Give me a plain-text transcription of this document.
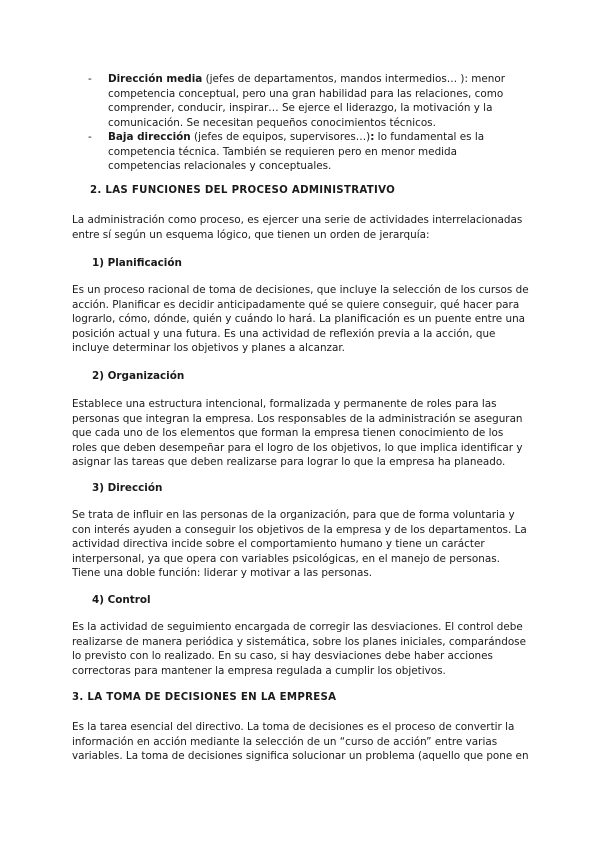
- Dirección media (jefes de departamentos, mandos intermedios… ): menor competencia conceptual, pero una gran habilidad para las relaciones, como comprender, conducir, inspirar… Se ejerce el liderazgo, la motivación y la comunicación. Se necesitan pequeños conocimientos técnicos.
- Baja dirección (jefes de equipos, supervisores…): lo fundamental es la competencia técnica. También se requieren pero en menor medida competencias relacionales y conceptuales.
2. LAS FUNCIONES DEL PROCESO ADMINISTRATIVO

La administración como proceso, es ejercer una serie de actividades interrelacionadas entre sí según un esquema lógico, que tienen un orden de jerarquía:

1) Planificación

Es un proceso racional de toma de decisiones, que incluye la selección de los cursos de acción. Planificar es decidir anticipadamente qué se quiere conseguir, qué hacer para lograrlo, cómo, dónde, quién y cuándo lo hará. La planificación es un puente entre una posición actual y una futura. Es una actividad de reflexión previa a la acción, que incluye determinar los objetivos y planes a alcanzar.

2) Organización

Establece una estructura intencional, formalizada y permanente de roles para las personas que integran la empresa. Los responsables de la administración se aseguran que cada uno de los elementos que forman la empresa tienen conocimiento de los roles que deben desempeñar para el logro de los objetivos, lo que implica identificar y asignar las tareas que deben realizarse para lograr lo que la empresa ha planeado.

3) Dirección

Se trata de influir en las personas de la organización, para que de forma voluntaria y con interés ayuden a conseguir los objetivos de la empresa y de los departamentos. La actividad directiva incide sobre el comportamiento humano y tiene un carácter interpersonal, ya que opera con variables psicológicas, en el manejo de personas. Tiene una doble función: liderar y motivar a las personas.

4) Control

Es la actividad de seguimiento encargada de corregir las desviaciones. El control debe realizarse de manera periódica y sistemática, sobre los planes iniciales, comparándose lo previsto con lo realizado. En su caso, si hay desviaciones debe haber acciones correctoras para mantener la empresa regulada a cumplir los objetivos.

3. LA TOMA DE DECISIONES EN LA EMPRESA

Es la tarea esencial del directivo. La toma de decisiones es el proceso de convertir la información en acción mediante la selección de un “curso de acción” entre varias variables. La toma de decisiones significa solucionar un problema (aquello que pone en
